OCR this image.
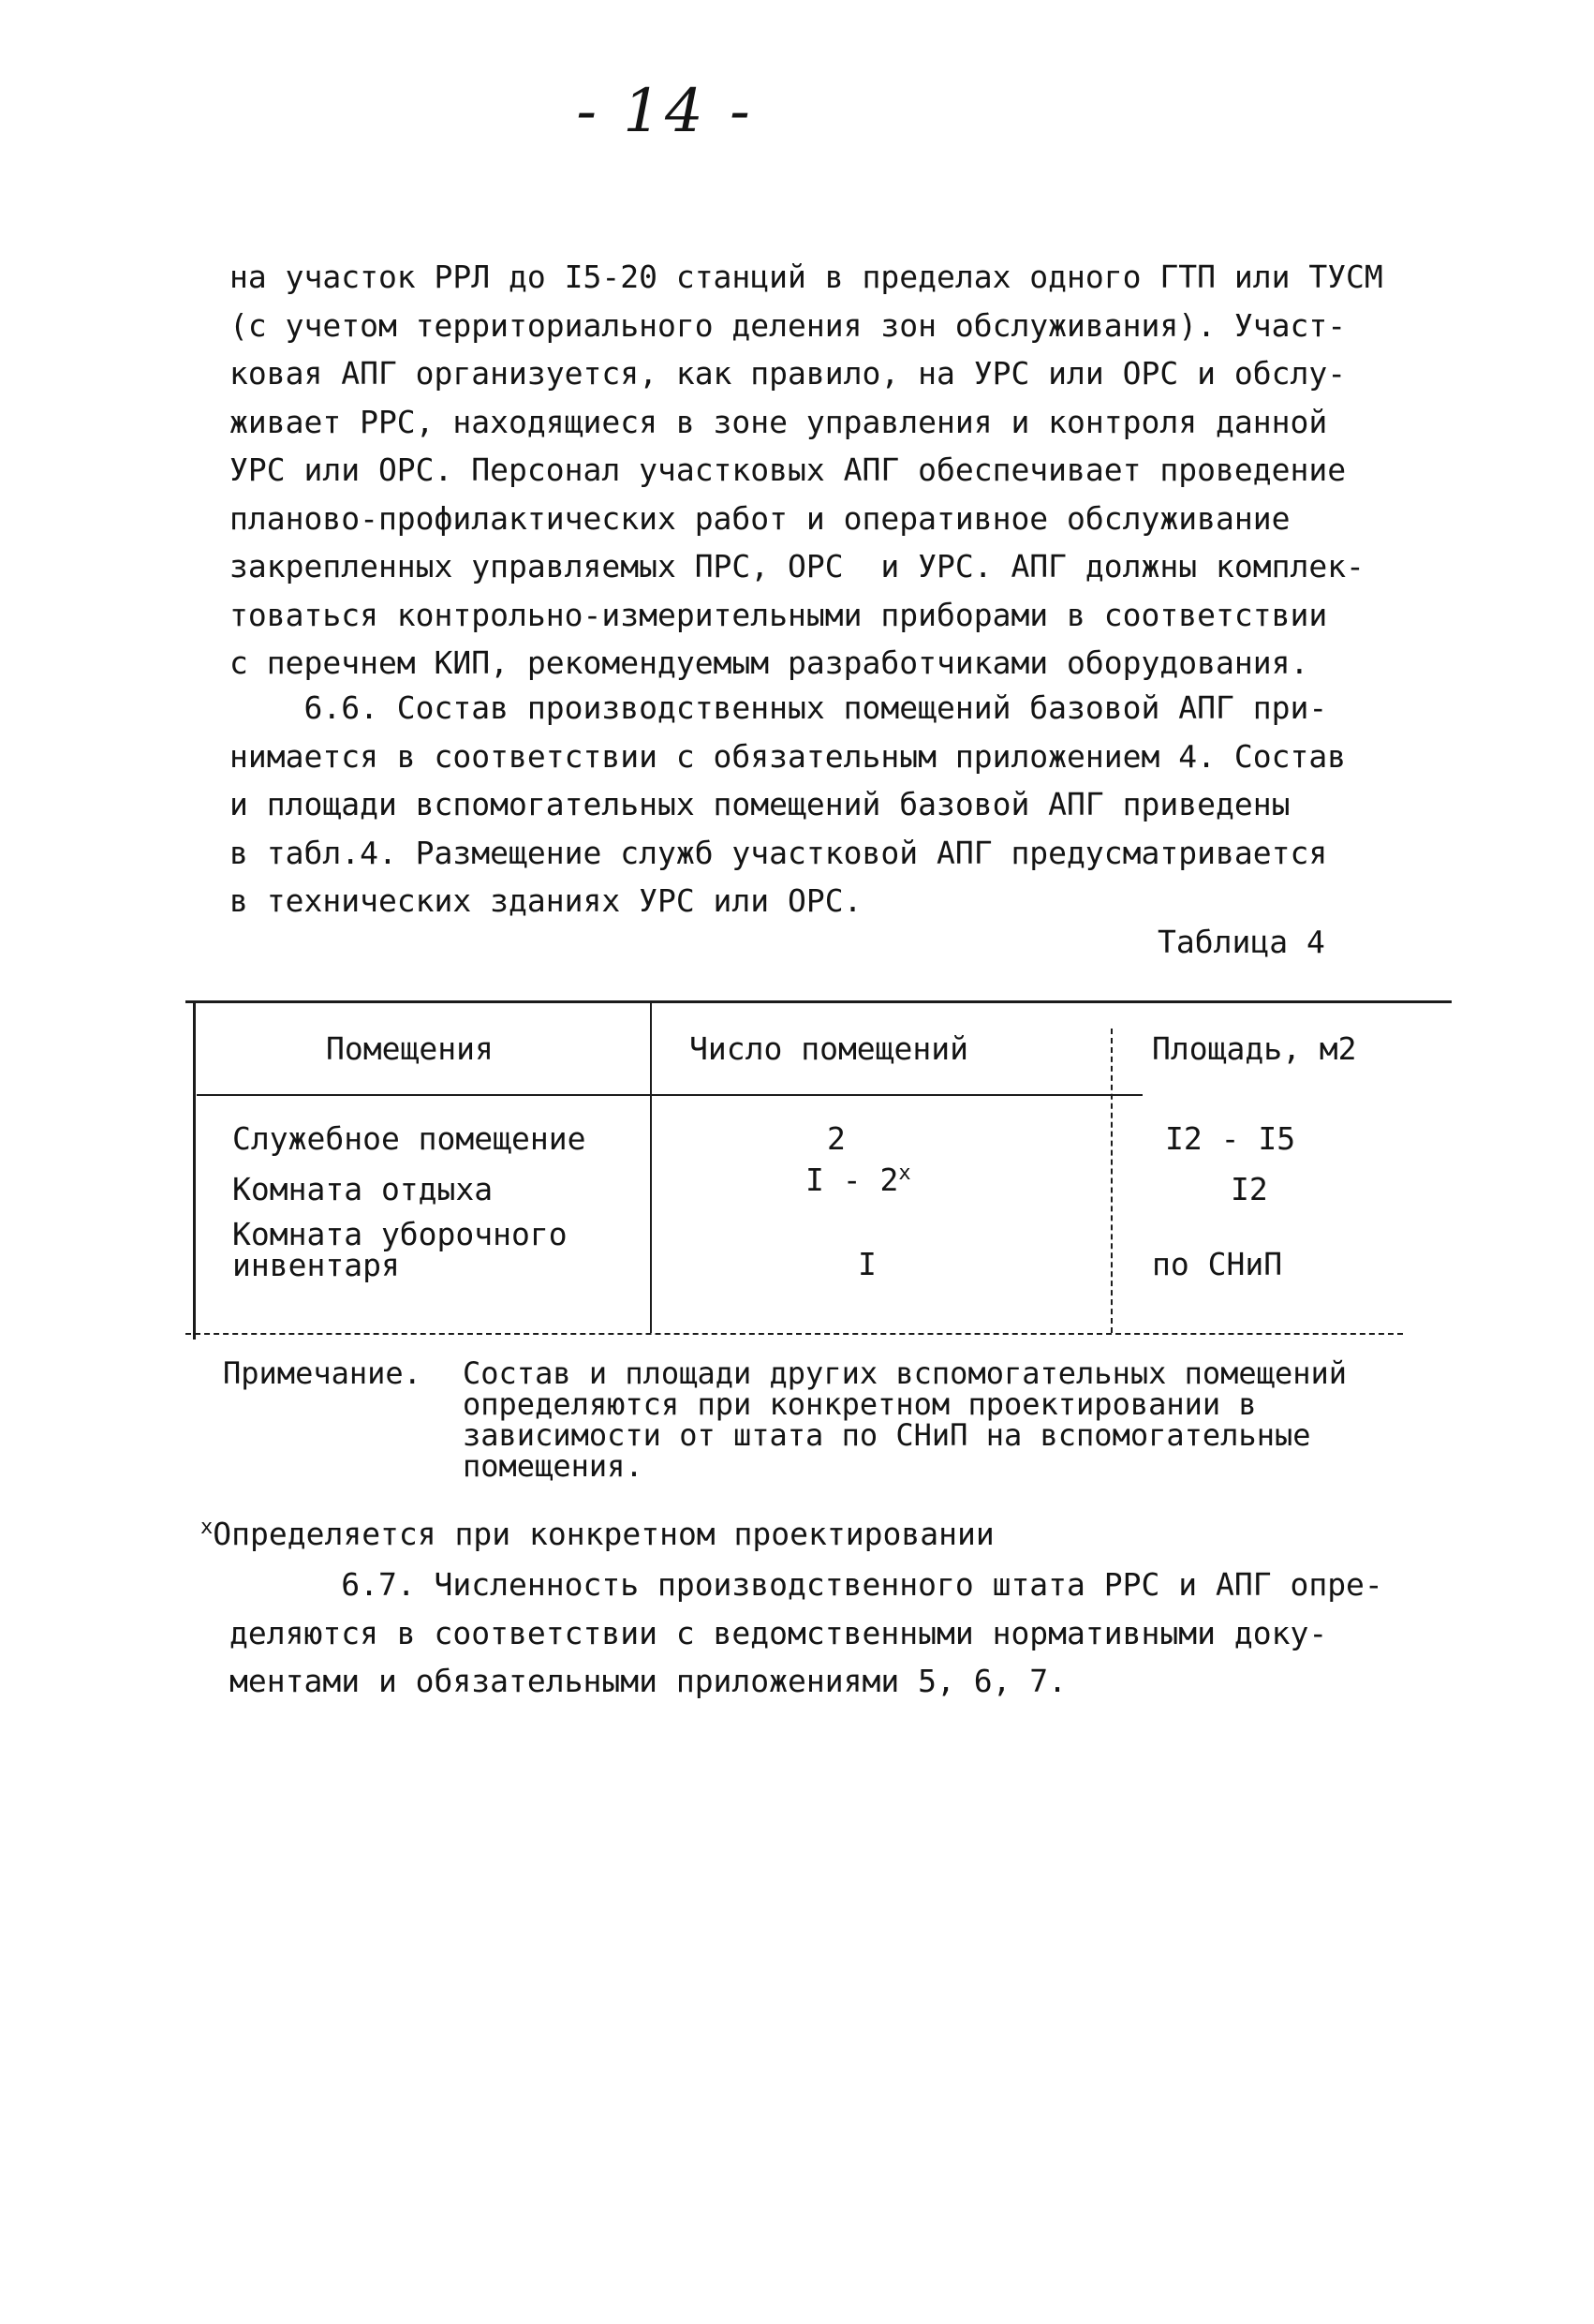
- 14 -
на участок РРЛ до I5-20 станций в пределах одного ГТП или ТУСМ
(с учетом территориального деления зон обслуживания). Участ-
ковая АПГ организуется, как правило, на УРС или ОРС и обслу-
живает РРС, находящиеся в зоне управления и контроля данной
УРС или ОРС. Персонал участковых АПГ обеспечивает проведение
планово-профилактических работ и оперативное обслуживание
закрепленных управляемых ПРС, ОРС  и УРС. АПГ должны комплек-
товаться контрольно-измерительными приборами в соответствии
с перечнем КИП, рекомендуемым разработчиками оборудования.
6.6. Состав производственных помещений базовой АПГ при-
нимается в соответствии с обязательным приложением 4. Состав
и площади вспомогательных помещений базовой АПГ приведены
в табл.4. Размещение служб участковой АПГ предусматривается
в технических зданиях УРС или ОРС.
Таблица 4
Помещения	Число помещений	Площадь, м2
Служебное помещение	2	I2 - I5
Комната отдыха	I - 2$^x$	I2
Комната уборочного
инвентаря	I	по СНиП
Примечание. Состав и площади других вспомогательных помещений
определяются при конкретном проектировании в
зависимости от штата по СНиП на вспомогательные
помещения.
$^x$Определяется при конкретном проектировании
6.7. Численность производственного штата РРС и АПГ опре-
деляются в соответствии с ведомственными нормативными доку-
ментами и обязательными приложениями 5, 6, 7.
